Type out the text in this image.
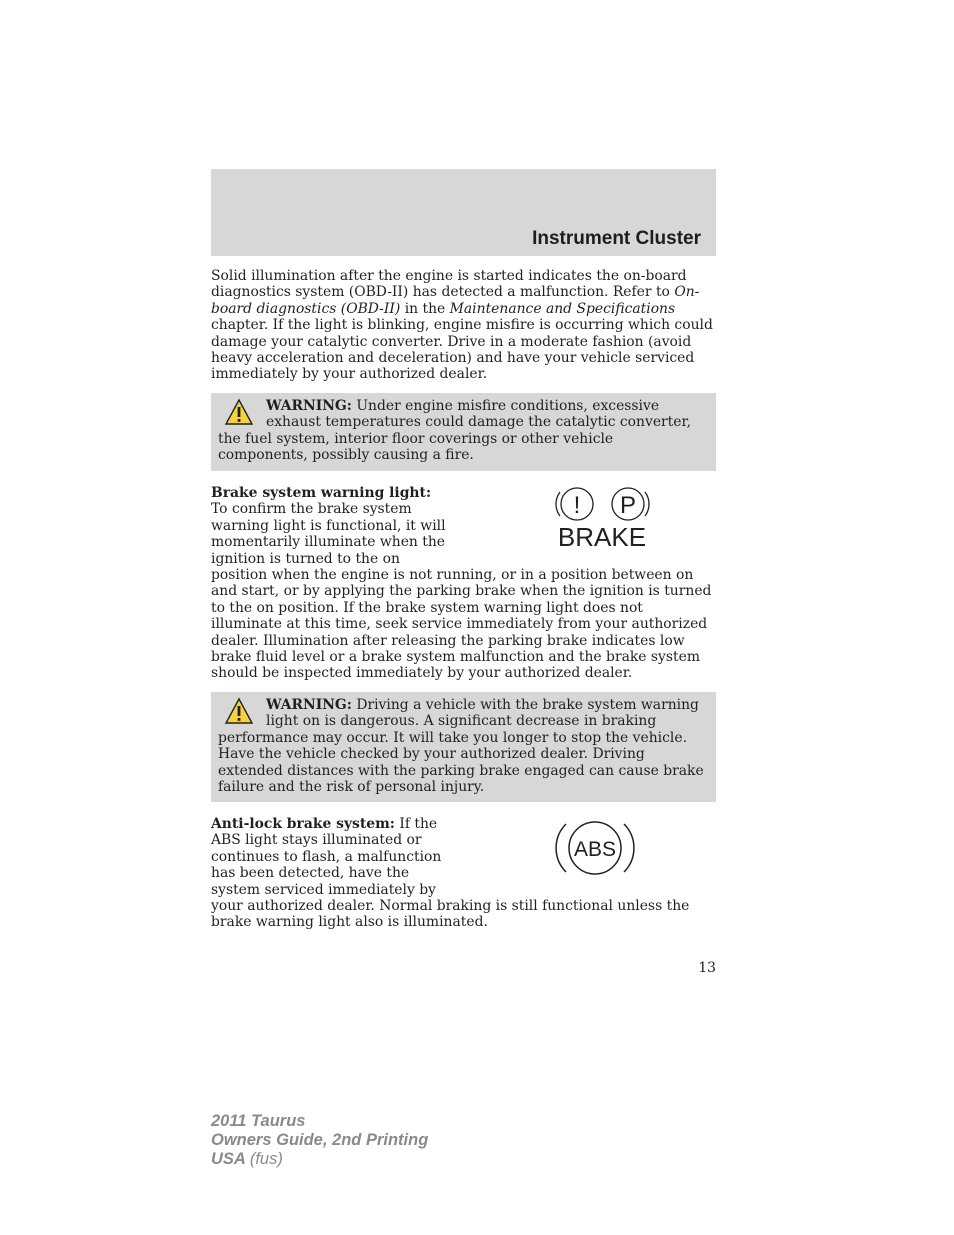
Instrument Cluster

Solid illumination after the engine is started indicates the on-board diagnostics system (OBD-II) has detected a malfunction. Refer to On-board diagnostics (OBD-II) in the Maintenance and Specifications chapter. If the light is blinking, engine misfire is occurring which could damage your catalytic converter. Drive in a moderate fashion (avoid heavy acceleration and deceleration) and have your vehicle serviced immediately by your authorized dealer.

WARNING: Under engine misfire conditions, excessive exhaust temperatures could damage the catalytic converter, the fuel system, interior floor coverings or other vehicle components, possibly causing a fire.
! P
BRAKE
Brake system warning light: To confirm the brake system warning light is functional, it will momentarily illuminate when the ignition is turned to the on position when the engine is not running, or in a position between on and start, or by applying the parking brake when the ignition is turned to the on position. If the brake system warning light does not illuminate at this time, seek service immediately from your authorized dealer. Illumination after releasing the parking brake indicates low brake fluid level or a brake system malfunction and the brake system should be inspected immediately by your authorized dealer.
WARNING: Driving a vehicle with the brake system warning light on is dangerous. A significant decrease in braking performance may occur. It will take you longer to stop the vehicle. Have the vehicle checked by your authorized dealer. Driving extended distances with the parking brake engaged can cause brake failure and the risk of personal injury.
ABS
Anti-lock brake system: If the ABS light stays illuminated or continues to flash, a malfunction has been detected, have the system serviced immediately by your authorized dealer. Normal braking is still functional unless the brake warning light also is illuminated.
13
2011 Taurus
Owners Guide, 2nd Printing
USA (fus)
